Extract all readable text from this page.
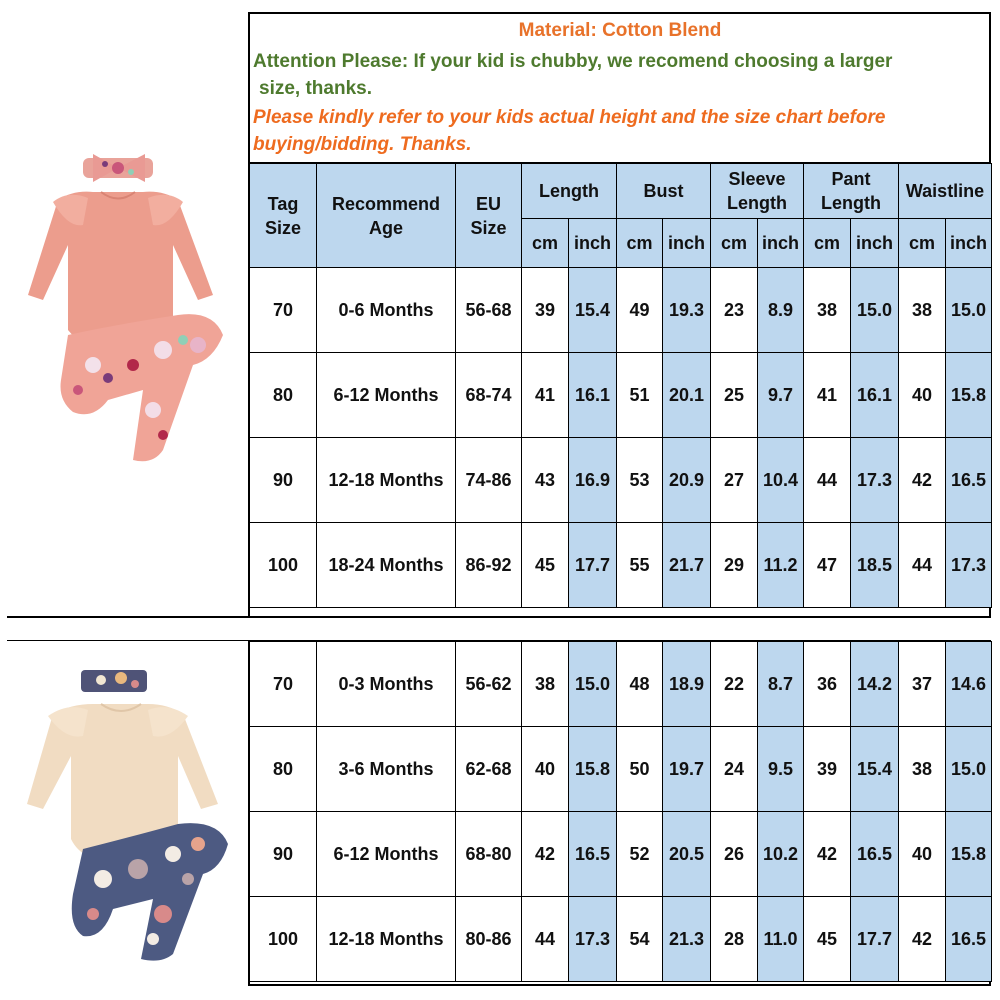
Material: Cotton Blend
Attention Please: If your kid is chubby, we recomend choosing a larger
size, thanks.
Please kindly refer to your kids actual height and the size chart before
buying/bidding. Thanks.
Tag Size	Recommend Age	EU Size	Length		Bust		Sleeve Length		Pant Length		Waistline	
			cm	inch	cm	inch	cm	inch	cm	inch	cm	inch
70	0-6 Months	56-68	39	15.4	49	19.3	23	8.9	38	15.0	38	15.0
80	6-12 Months	68-74	41	16.1	51	20.1	25	9.7	41	16.1	40	15.8
90	12-18 Months	74-86	43	16.9	53	20.9	27	10.4	44	17.3	42	16.5
100	18-24 Months	86-92	45	17.7	55	21.7	29	11.2	47	18.5	44	17.3
70	0-3 Months	56-62	38	15.0	48	18.9	22	8.7	36	14.2	37	14.6
80	3-6 Months	62-68	40	15.8	50	19.7	24	9.5	39	15.4	38	15.0
90	6-12 Months	68-80	42	16.5	52	20.5	26	10.2	42	16.5	40	15.8
100	12-18 Months	80-86	44	17.3	54	21.3	28	11.0	45	17.7	42	16.5
